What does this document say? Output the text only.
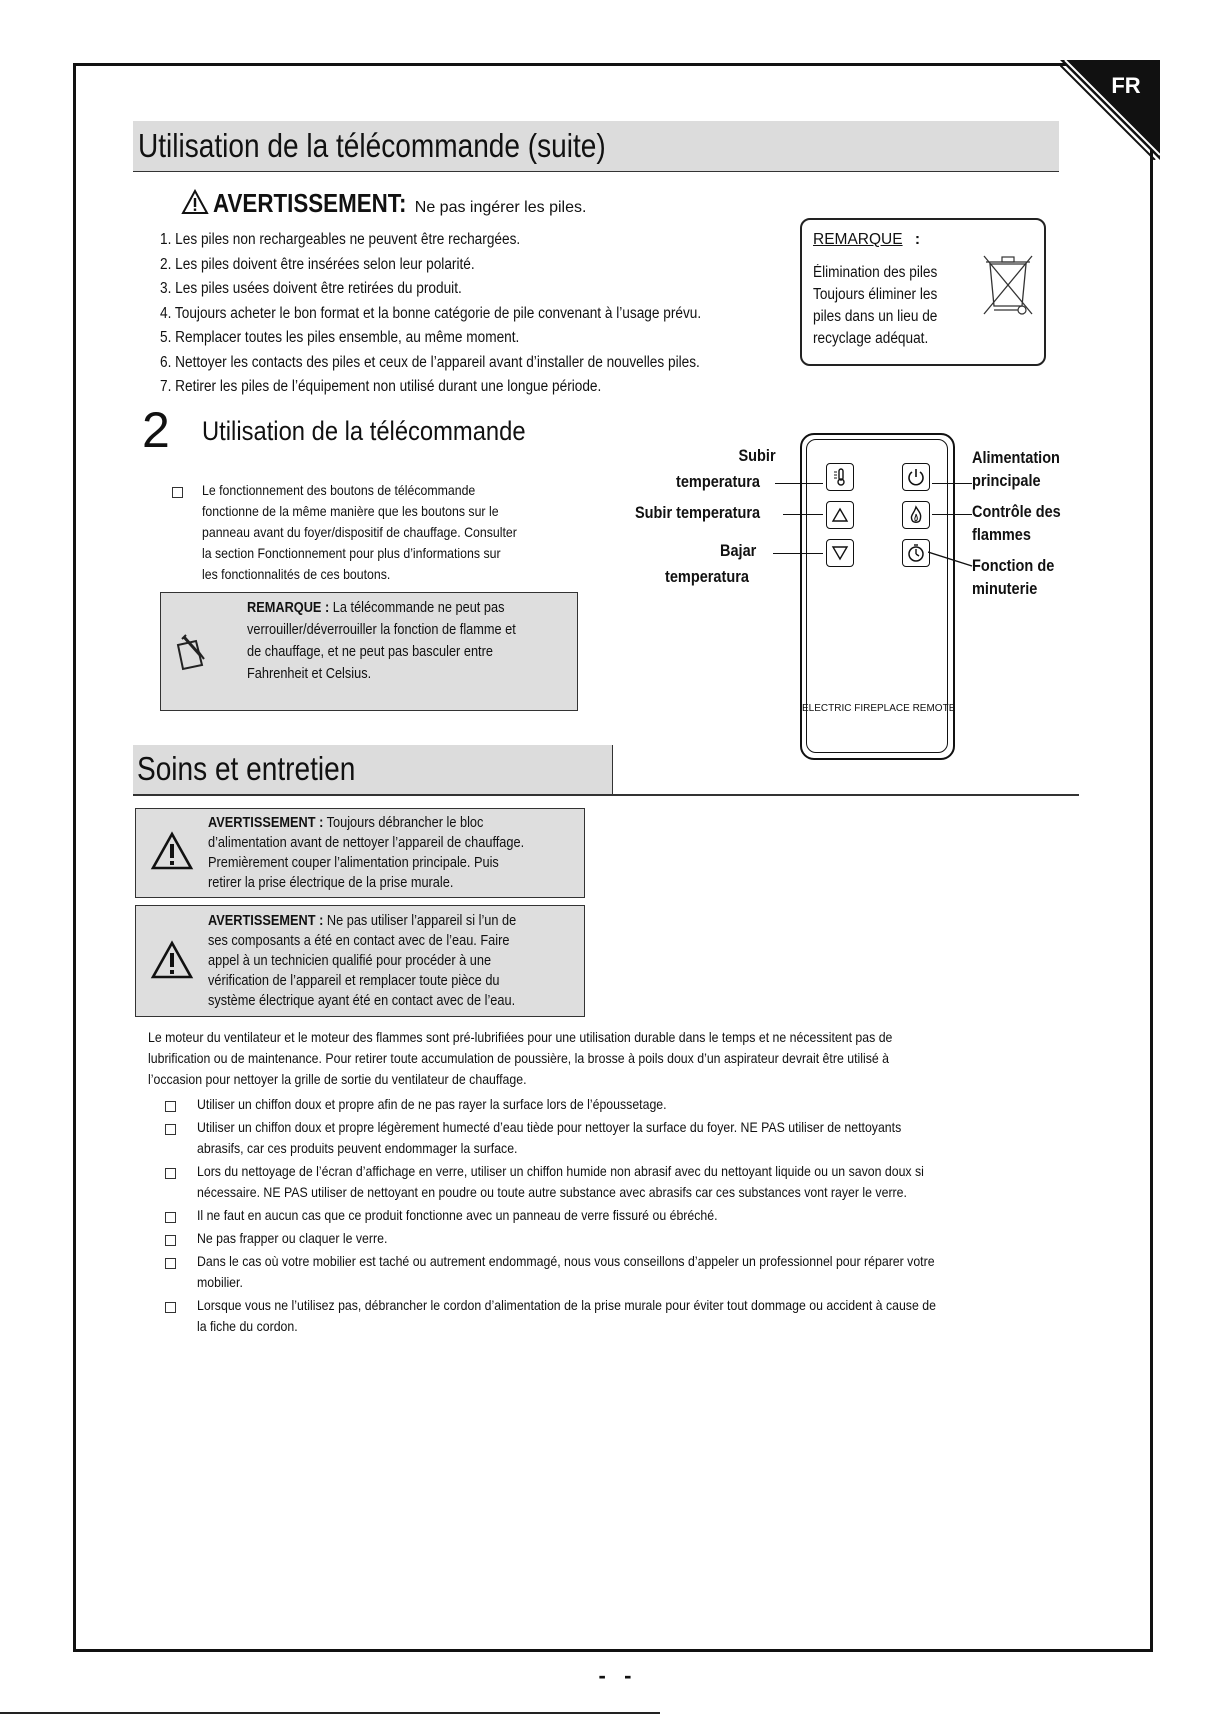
FR
Utilisation de la télécommande (suite)
AVERTISSEMENT: Ne pas ingérer les piles.
1. Les piles non rechargeables ne peuvent être rechargées.
2. Les piles doivent être insérées selon leur polarité.
3. Les piles usées doivent être retirées du produit.
4. Toujours acheter le bon format et la bonne catégorie de pile convenant à l’usage prévu.
5. Remplacer toutes les piles ensemble, au même moment.
6. Nettoyer les contacts des piles et ceux de l’appareil avant d’installer de nouvelles piles.
7. Retirer les piles de l’équipement non utilisé durant une longue période.
REMARQUE :
Élimination des piles
Toujours éliminer les
piles dans un lieu de
recyclage adéquat.
2 Utilisation de la télécommande
Le fonctionnement des boutons de télécommande
fonctionne de la même manière que les boutons sur le
panneau avant du foyer/dispositif de chauffage. Consulter
la section Fonctionnement pour plus d’informations sur
les fonctionnalités de ces boutons.
REMARQUE : La télécommande ne peut pas
verrouiller/déverrouiller la fonction de flamme et
de chauffage, et ne peut pas basculer entre
Fahrenheit et Celsius.
ELECTRIC FIREPLACE REMOTE
Subir
temperatura
Subir temperatura
Bajar
temperatura
Alimentation
principale
Contrôle des
flammes
Fonction de
minuterie
Soins et entretien
AVERTISSEMENT : Toujours débrancher le bloc
d’alimentation avant de nettoyer l’appareil de chauffage.
Premièrement couper l’alimentation principale. Puis
retirer la prise électrique de la prise murale.
AVERTISSEMENT : Ne pas utiliser l’appareil si l’un de
ses composants a été en contact avec de l’eau. Faire
appel à un technicien qualifié pour procéder à une
vérification de l’appareil et remplacer toute pièce du
système électrique ayant été en contact avec de l’eau.
Le moteur du ventilateur et le moteur des flammes sont pré-lubrifiées pour une utilisation durable dans le temps et ne nécessitent pas de
lubrification ou de maintenance. Pour retirer toute accumulation de poussière, la brosse à poils doux d’un aspirateur devrait être utilisé à
l’occasion pour nettoyer la grille de sortie du ventilateur de chauffage.
Utiliser un chiffon doux et propre afin de ne pas rayer la surface lors de l’époussetage.
Utiliser un chiffon doux et propre légèrement humecté d’eau tiède pour nettoyer la surface du foyer. NE PAS utiliser de nettoyants
abrasifs, car ces produits peuvent endommager la surface.
Lors du nettoyage de l’écran d’affichage en verre, utiliser un chiffon humide non abrasif avec du nettoyant liquide ou un savon doux si
nécessaire. NE PAS utiliser de nettoyant en poudre ou toute autre substance avec abrasifs car ces substances vont rayer le verre.
Il ne faut en aucun cas que ce produit fonctionne avec un panneau de verre fissuré ou ébréché.
Ne pas frapper ou claquer le verre.
Dans le cas où votre mobilier est taché ou autrement endommagé, nous vous conseillons d’appeler un professionnel pour réparer votre
mobilier.
Lorsque vous ne l’utilisez pas, débrancher le cordon d’alimentation de la prise murale pour éviter tout dommage ou accident à cause de
la fiche du cordon.
-   -
